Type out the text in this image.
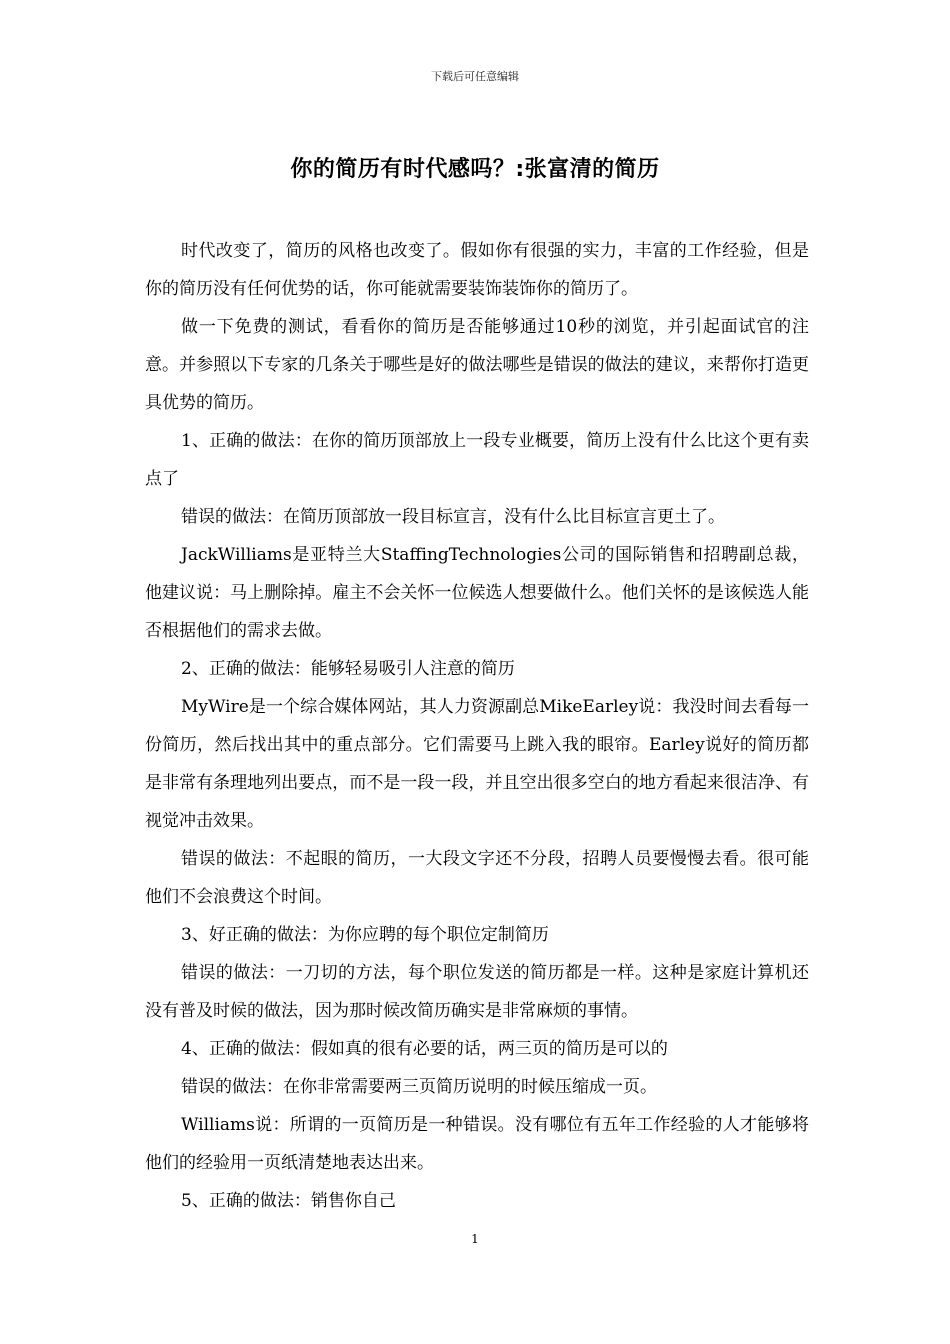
下载后可任意编辑
你的简历有时代感吗？:张富清的简历

时代改变了，简历的风格也改变了。假如你有很强的实力，丰富的工作经验，但是你的简历没有任何优势的话，你可能就需要装饰装饰你的简历了。

做一下免费的测试，看看你的简历是否能够通过10秒的浏览，并引起面试官的注意。并参照以下专家的几条关于哪些是好的做法哪些是错误的做法的建议，来帮你打造更具优势的简历。

1、正确的做法：在你的简历顶部放上一段专业概要，简历上没有什么比这个更有卖点了

错误的做法：在简历顶部放一段目标宣言，没有什么比目标宣言更土了。

JackWilliams是亚特兰大StaffingTechnologies公司的国际销售和招聘副总裁，他建议说：马上删除掉。雇主不会关怀一位候选人想要做什么。他们关怀的是该候选人能否根据他们的需求去做。

2、正确的做法：能够轻易吸引人注意的简历

MyWire是一个综合媒体网站，其人力资源副总MikeEarley说：我没时间去看每一份简历，然后找出其中的重点部分。它们需要马上跳入我的眼帘。Earley说好的简历都是非常有条理地列出要点，而不是一段一段，并且空出很多空白的地方看起来很洁净、有视觉冲击效果。

错误的做法：不起眼的简历，一大段文字还不分段，招聘人员要慢慢去看。很可能他们不会浪费这个时间。

3、好正确的做法：为你应聘的每个职位定制简历

错误的做法：一刀切的方法，每个职位发送的简历都是一样。这种是家庭计算机还没有普及时候的做法，因为那时候改简历确实是非常麻烦的事情。

4、正确的做法：假如真的很有必要的话，两三页的简历是可以的

错误的做法：在你非常需要两三页简历说明的时候压缩成一页。

Williams说：所谓的一页简历是一种错误。没有哪位有五年工作经验的人才能够将他们的经验用一页纸清楚地表达出来。

5、正确的做法：销售你自己

1
